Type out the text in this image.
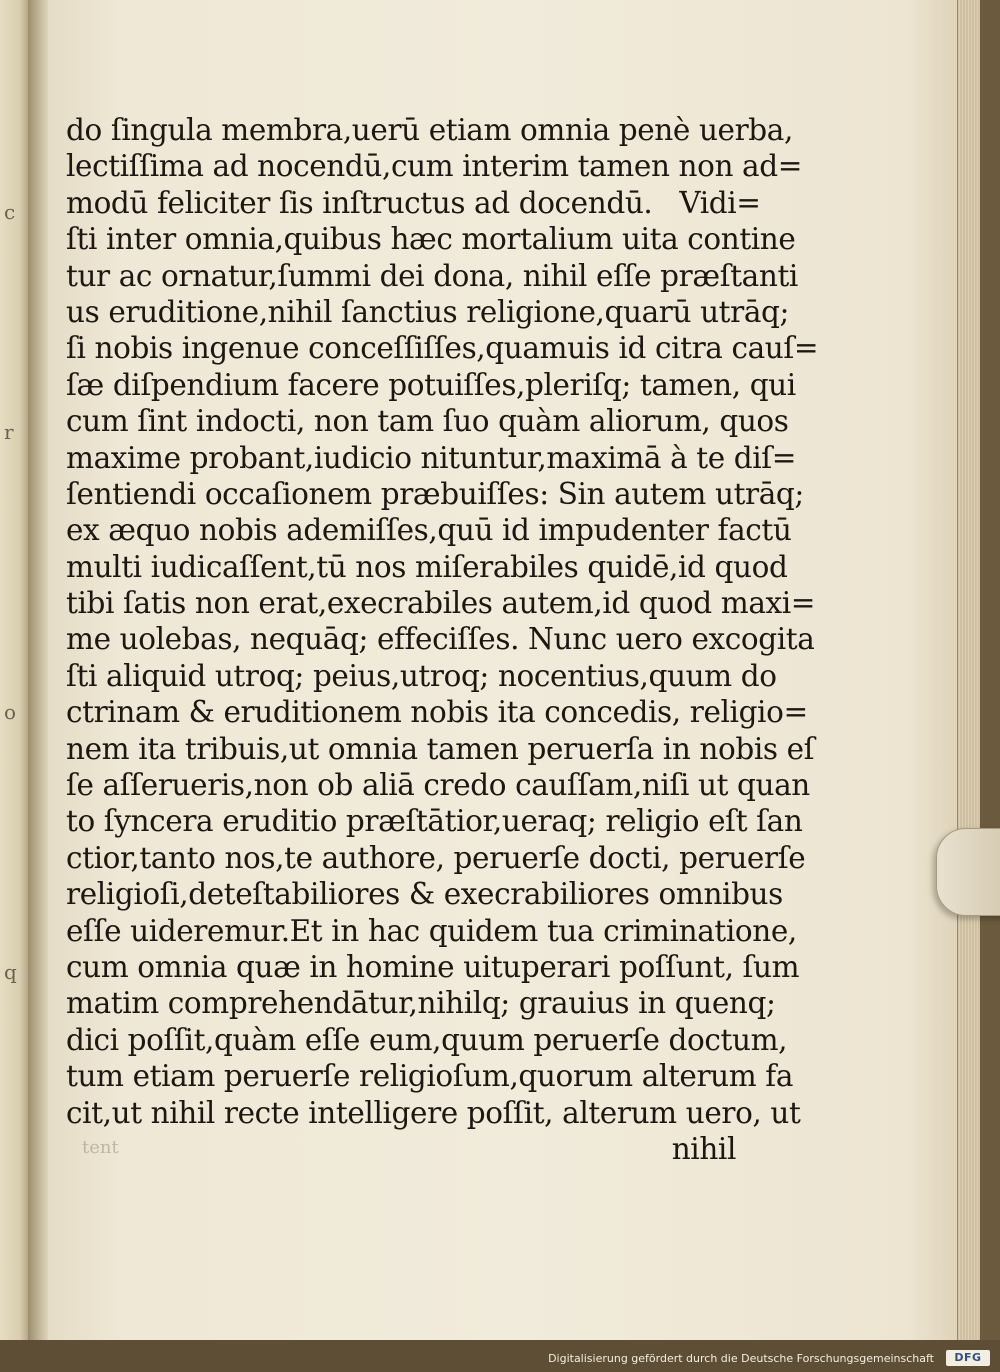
c
r
o
q
do ſingula membra,uerū etiam omnia penè uerba,
lectiſſima ad nocendū,cum interim tamen non ad=
modū feliciter ſis inſtructus ad docendū.   Vidi=
ſti inter omnia,quibus hæc mortalium uita contine
tur ac ornatur,ſummi dei dona, nihil eſſe præſtanti
us eruditione,nihil ſanctius religione,quarū utrāq;
ſi nobis ingenue conceſſiſſes,quamuis id citra cauſ=
ſæ diſpendium facere potuiſſes,pleriſq; tamen, qui
cum ſint indocti, non tam ſuo quàm aliorum, quos
maxime probant,iudicio nituntur,maximā à te diſ=
ſentiendi occaſionem præbuiſſes: Sin autem utrāq;
ex æquo nobis ademiſſes,quū id impudenter factū
multi iudicaſſent,tū nos miſerabiles quidē,id quod
tibi ſatis non erat,execrabiles autem,id quod maxi=
me uolebas, nequāq; effeciſſes. Nunc uero excogita
ſti aliquid utroq; peius,utroq; nocentius,quum do
ctrinam & eruditionem nobis ita concedis, religio=
nem ita tribuis,ut omnia tamen peruerſa in nobis eſ
ſe aſſerueris,non ob aliā credo cauſſam,niſi ut quan
to ſyncera eruditio præſtātior,ueraq; religio eſt ſan
ctior,tanto nos,te authore, peruerſe docti, peruerſe
religioſi,deteſtabiliores & execrabiliores omnibus
eſſe uideremur.Et in hac quidem tua criminatione,
cum omnia quæ in homine uituperari poſſunt, ſum
matim comprehendātur,nihilq; grauius in quenq;
dici poſſit,quàm eſſe eum,quum peruerſe doctum,
tum etiam peruerſe religioſum,quorum alterum fa
cit,ut nihil recte intelligere poſſit, alterum uero, ut
nihil
tent
Digitalisierung gefördert durch die Deutsche Forschungsgemeinschaft	DFG
